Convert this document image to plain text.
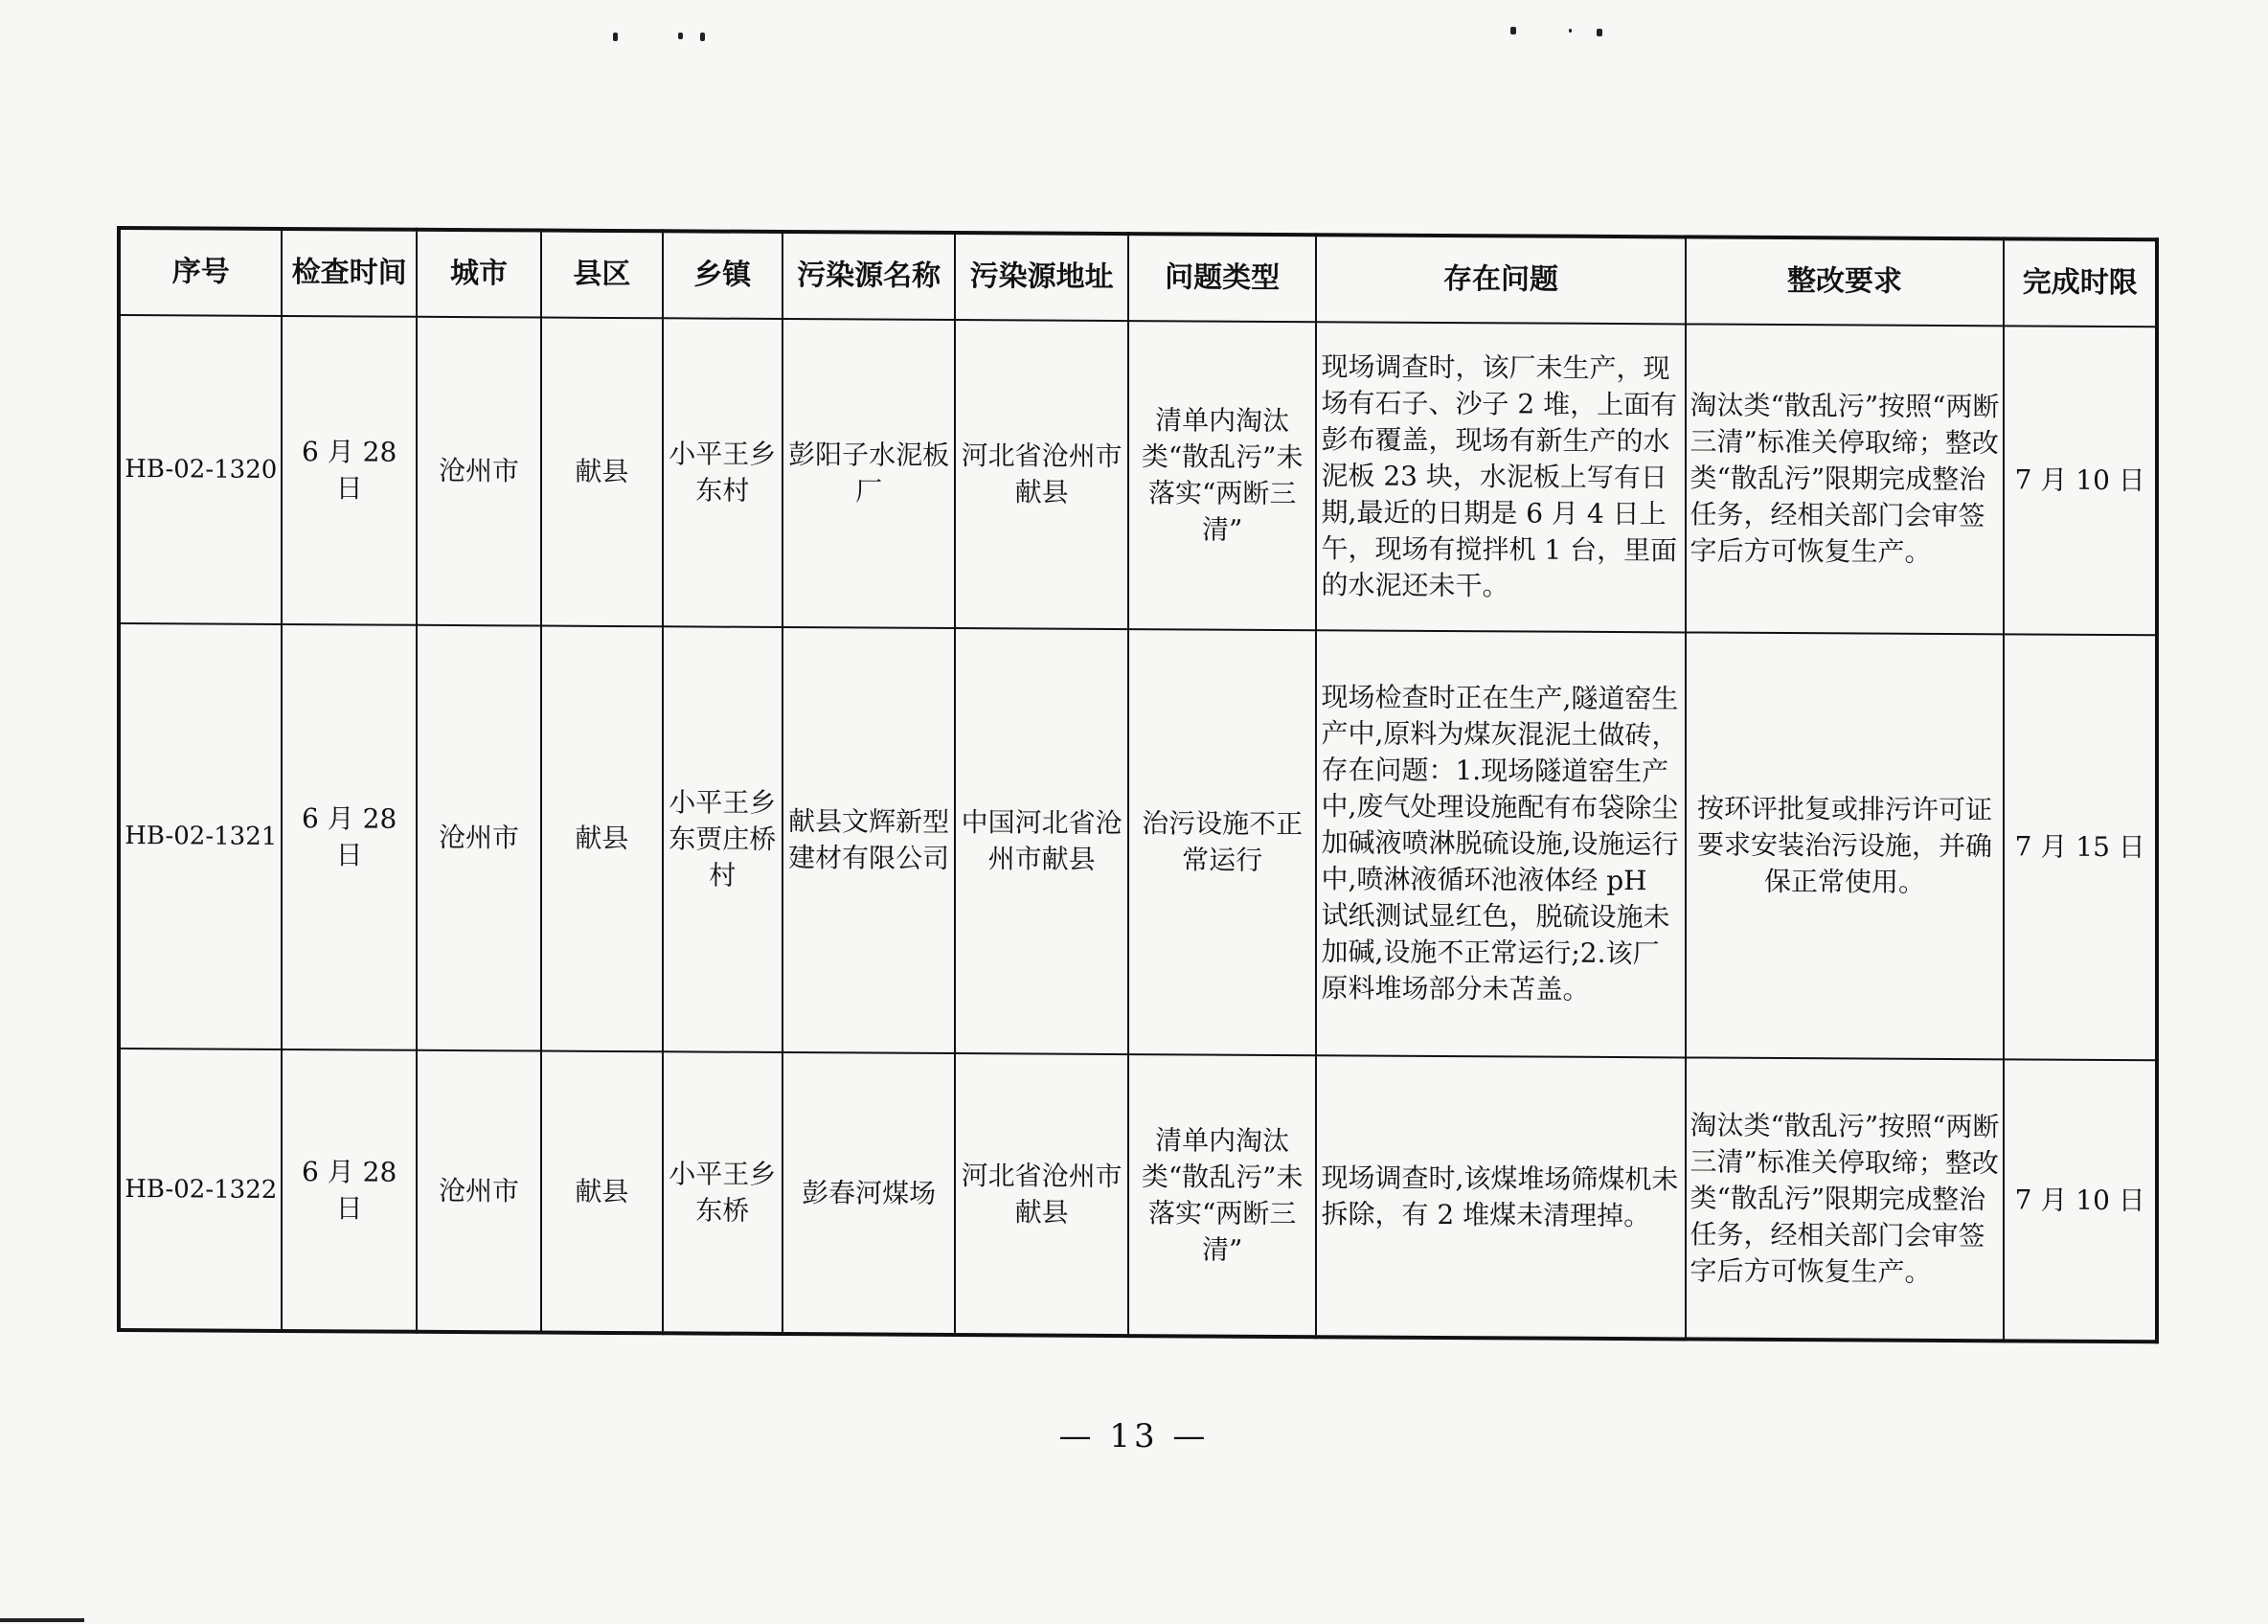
序号	检查时间	城市	县区	乡镇	污染源名称	污染源地址	问题类型	存在问题	整改要求	完成时限
HB-02-1320	6 月 28 日	沧州市	献县	小平王乡东村	彭阳子水泥板厂	河北省沧州市献县	清单内淘汰类“散乱污”未落实“两断三清”	现场调查时，该厂未生产，现场有石子、沙子 2 堆，上面有彭布覆盖，现场有新生产的水泥板 23 块，水泥板上写有日期,最近的日期是 6 月 4 日上午，现场有搅拌机 1 台，里面的水泥还未干。	淘汰类“散乱污”按照“两断三清”标准关停取缔；整改类“散乱污”限期完成整治任务，经相关部门会审签字后方可恢复生产。	7 月 10 日
HB-02-1321	6 月 28 日	沧州市	献县	小平王乡东贾庄桥村	献县文辉新型建材有限公司	中国河北省沧州市献县	治污设施不正常运行	现场检查时正在生产,隧道窑生产中,原料为煤灰混泥土做砖，存在问题：1.现场隧道窑生产中,废气处理设施配有布袋除尘加碱液喷淋脱硫设施,设施运行中,喷淋液循环池液体经 pH 试纸测试显红色，脱硫设施未加碱,设施不正常运行;2.该厂原料堆场部分未苫盖。	按环评批复或排污许可证要求安装治污设施，并确保正常使用。	7 月 15 日
HB-02-1322	6 月 28 日	沧州市	献县	小平王乡东桥	彭春河煤场	河北省沧州市献县	清单内淘汰类“散乱污”未落实“两断三清”	现场调查时,该煤堆场筛煤机未拆除，有 2 堆煤未清理掉。	淘汰类“散乱污”按照“两断三清”标准关停取缔；整改类“散乱污”限期完成整治任务，经相关部门会审签字后方可恢复生产。	7 月 10 日
— 13 —
